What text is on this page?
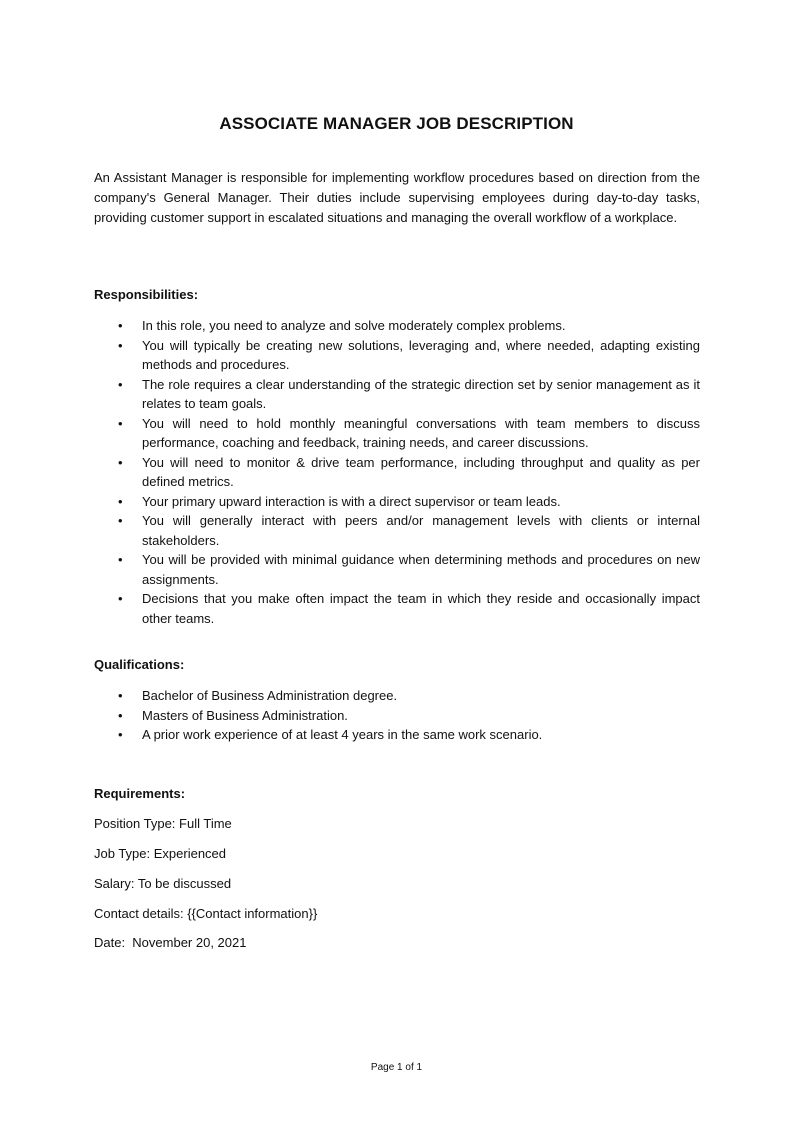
ASSOCIATE MANAGER JOB DESCRIPTION

An Assistant Manager is responsible for implementing workflow procedures based on direction from the company's General Manager. Their duties include supervising employees during day-to-day tasks, providing customer support in escalated situations and managing the overall workflow of a workplace.

Responsibilities:

•	In this role, you need to analyze and solve moderately complex problems.
•	You will typically be creating new solutions, leveraging and, where needed, adapting existing methods and procedures.
•	The role requires a clear understanding of the strategic direction set by senior management as it relates to team goals.
•	You will need to hold monthly meaningful conversations with team members to discuss performance, coaching and feedback, training needs, and career discussions.
•	You will need to monitor & drive team performance, including throughput and quality as per defined metrics.
•	Your primary upward interaction is with a direct supervisor or team leads.
•	You will generally interact with peers and/or management levels with clients or internal stakeholders.
•	You will be provided with minimal guidance when determining methods and procedures on new assignments.
•	Decisions that you make often impact the team in which they reside and occasionally impact other teams.

Qualifications:

•	Bachelor of Business Administration degree.
•	Masters of Business Administration.
•	A prior work experience of at least 4 years in the same work scenario.

Requirements:

Position Type: Full Time

Job Type: Experienced

Salary: To be discussed

Contact details: {{Contact information}}

Date:  November 20, 2021

Page 1 of 1
